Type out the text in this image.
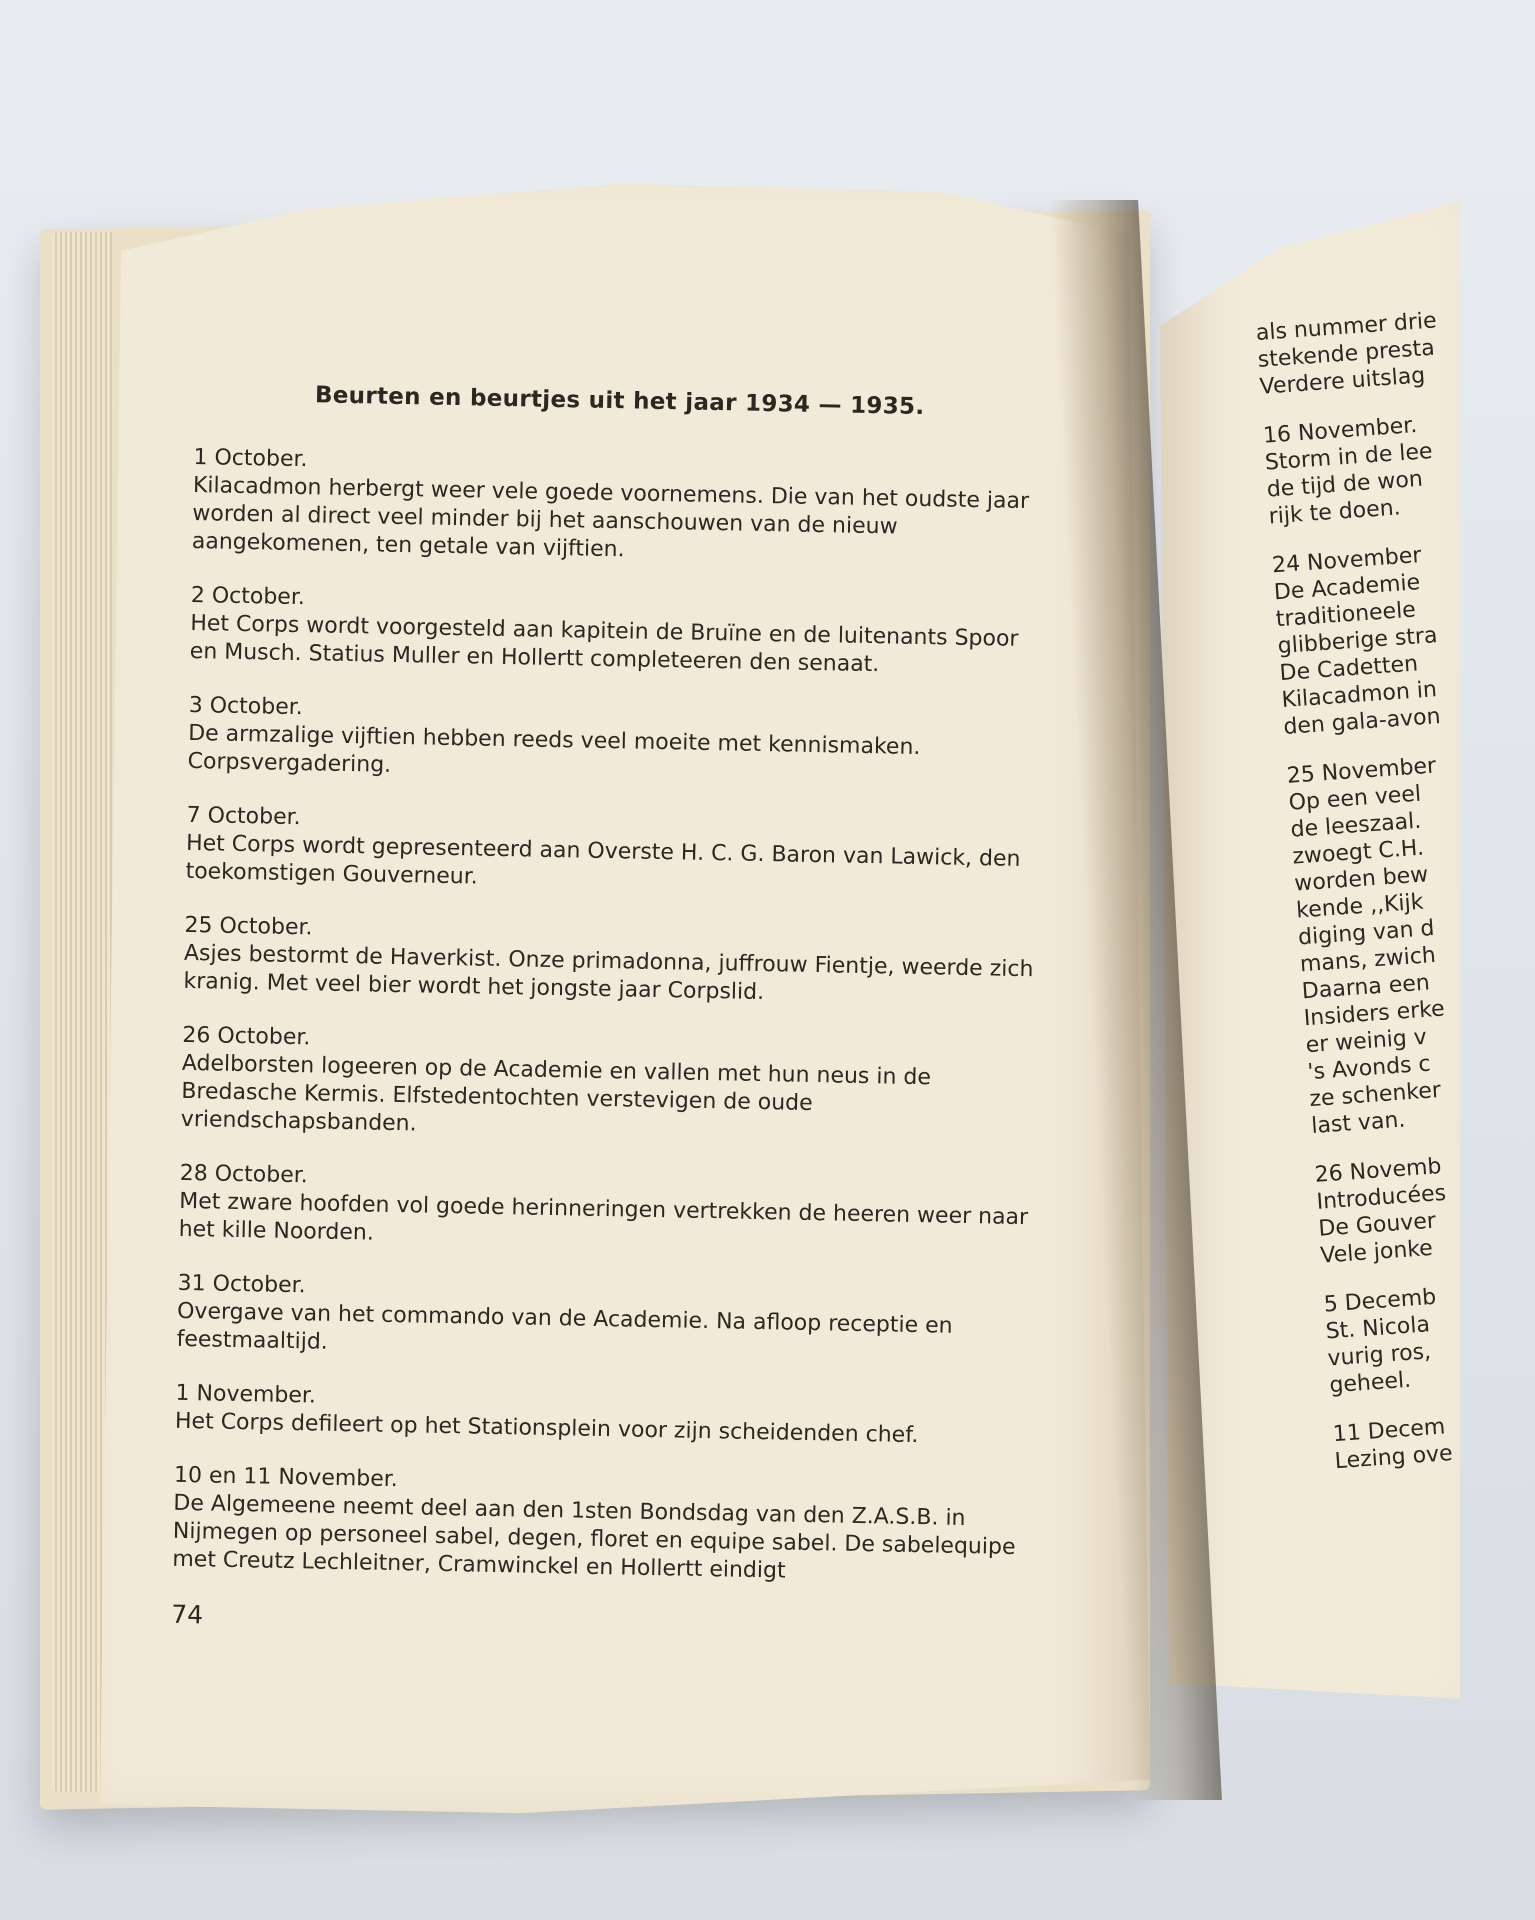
Beurten en beurtjes uit het jaar 1934 — 1935.
1 October.
Kilacadmon herbergt weer vele goede voornemens. Die van het oudste jaar worden al direct veel minder bij het aanschouwen van de nieuw aangekomenen, ten getale van vijftien.
2 October.
Het Corps wordt voorgesteld aan kapitein de Bruïne en de luitenants Spoor en Musch. Statius Muller en Hollertt completeeren den senaat.
3 October.
De armzalige vijftien hebben reeds veel moeite met kennismaken. Corpsvergadering.
7 October.
Het Corps wordt gepresenteerd aan Overste H. C. G. Baron van Lawick, den toekomstigen Gouverneur.
25 October.
Asjes bestormt de Haverkist. Onze primadonna, juffrouw Fientje, weerde zich kranig. Met veel bier wordt het jongste jaar Corpslid.
26 October.
Adelborsten logeeren op de Academie en vallen met hun neus in de Bredasche Kermis. Elfstedentochten verstevigen de oude vriendschapsbanden.
28 October.
Met zware hoofden vol goede herinneringen vertrekken de heeren weer naar het kille Noorden.
31 October.
Overgave van het commando van de Academie. Na afloop receptie en feestmaaltijd.
1 November.
Het Corps defileert op het Stationsplein voor zijn scheidenden chef.
10 en 11 November.
De Algemeene neemt deel aan den 1sten Bondsdag van den Z.A.S.B. in Nijmegen op personeel sabel, degen, floret en equipe sabel. De sabelequipe met Creutz Lechleitner, Cramwinckel en Hollertt eindigt
74
als nummer drie
stekende presta
Verdere uitslag
16 November.
Storm in de lee
de tijd de won
rijk te doen.
24 November
De Academie
traditioneele
glibberige stra
De Cadetten
Kilacadmon in
den gala-avon
25 November
Op een veel
de leeszaal.
zwoegt C.H.
worden bew
kende ,,Kijk
diging van d
mans, zwich
Daarna een
Insiders erke
er weinig v
's Avonds c
ze schenker
last van.
26 Novemb
Introducées
De Gouver
Vele jonke
5 Decemb
St. Nicola
vurig ros,
geheel.
11 Decem
Lezing ove
